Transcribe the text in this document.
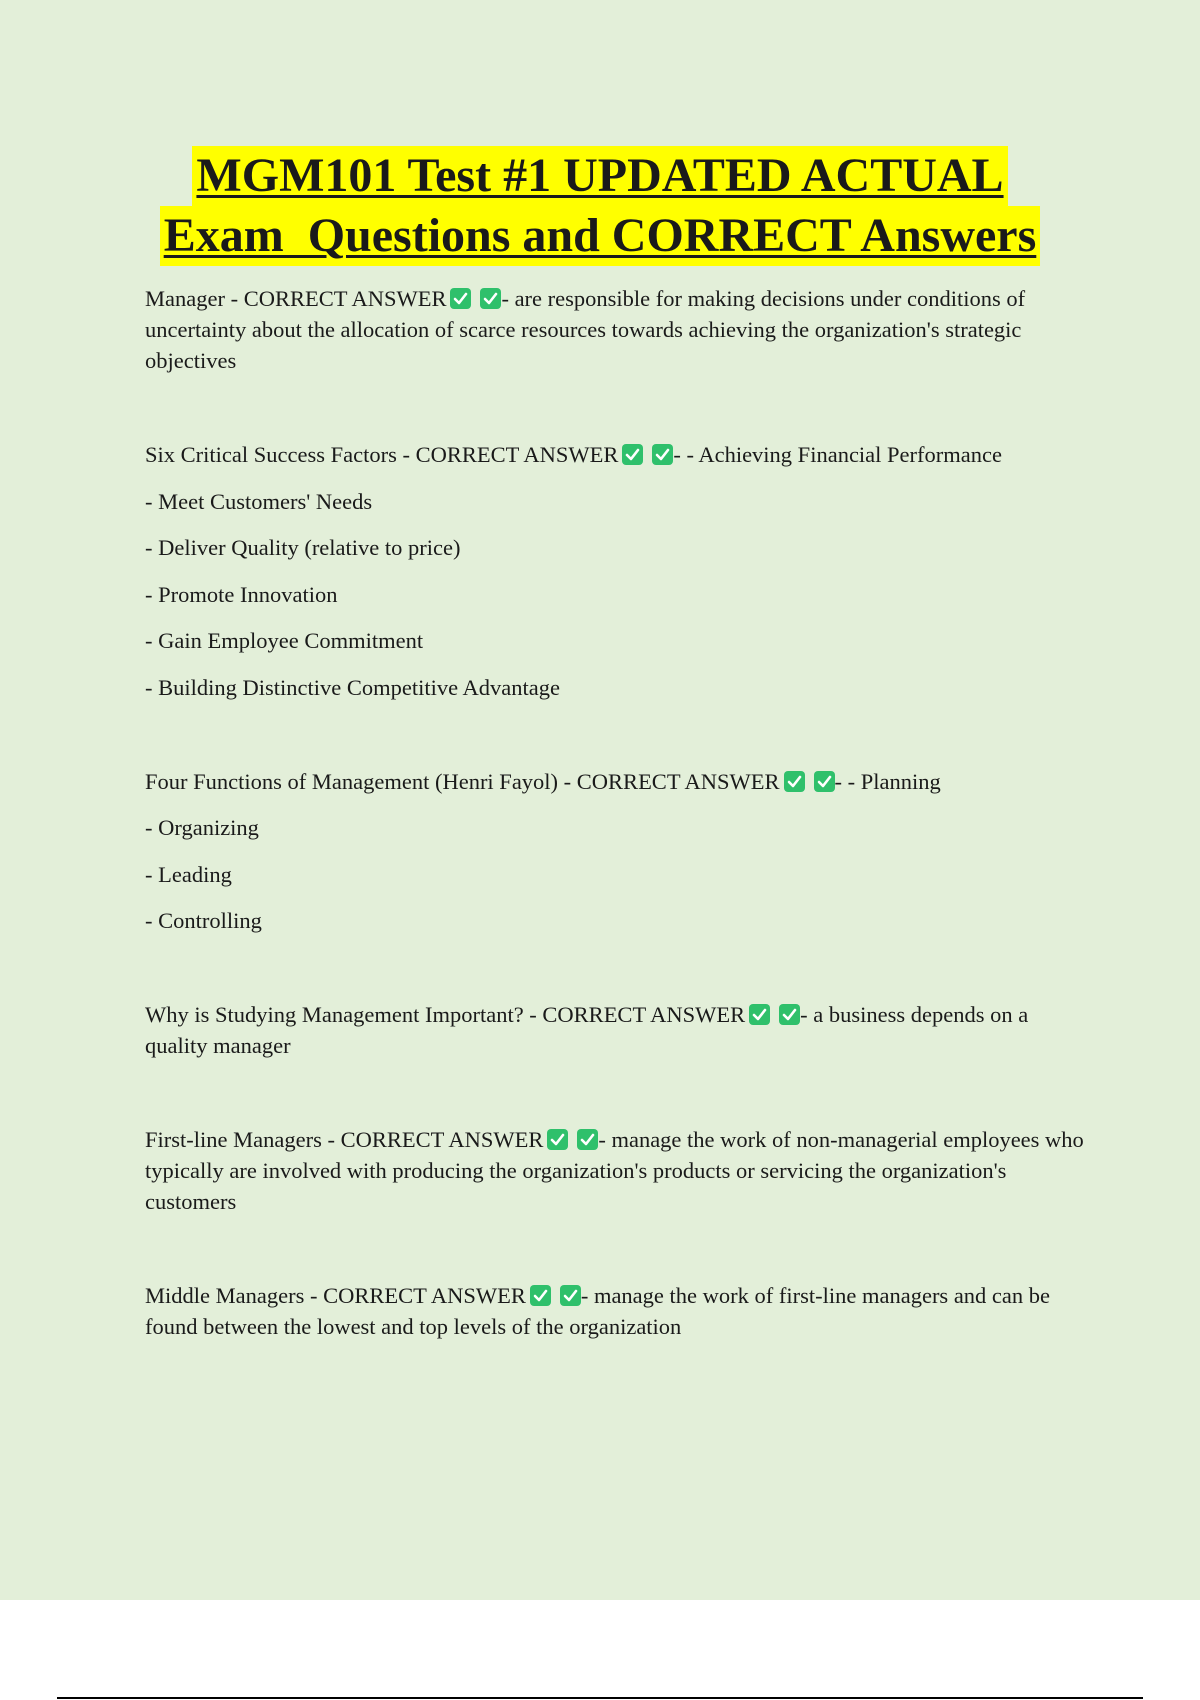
MGM101 Test #1 UPDATED ACTUAL
Exam  Questions and CORRECT Answers

Manager - CORRECT ANSWER - are responsible for making decisions under conditions of uncertainty about the allocation of scarce resources towards achieving the organization's strategic objectives

Six Critical Success Factors - CORRECT ANSWER - - Achieving Financial Performance

- Meet Customers' Needs

- Deliver Quality (relative to price)

- Promote Innovation

- Gain Employee Commitment

- Building Distinctive Competitive Advantage

Four Functions of Management (Henri Fayol) - CORRECT ANSWER - - Planning

- Organizing

- Leading

- Controlling

Why is Studying Management Important? - CORRECT ANSWER - a business depends on a quality manager

First-line Managers - CORRECT ANSWER - manage the work of non-managerial employees who typically are involved with producing the organization's products or servicing the organization's customers

Middle Managers - CORRECT ANSWER - manage the work of first-line managers and can be found between the lowest and top levels of the organization
